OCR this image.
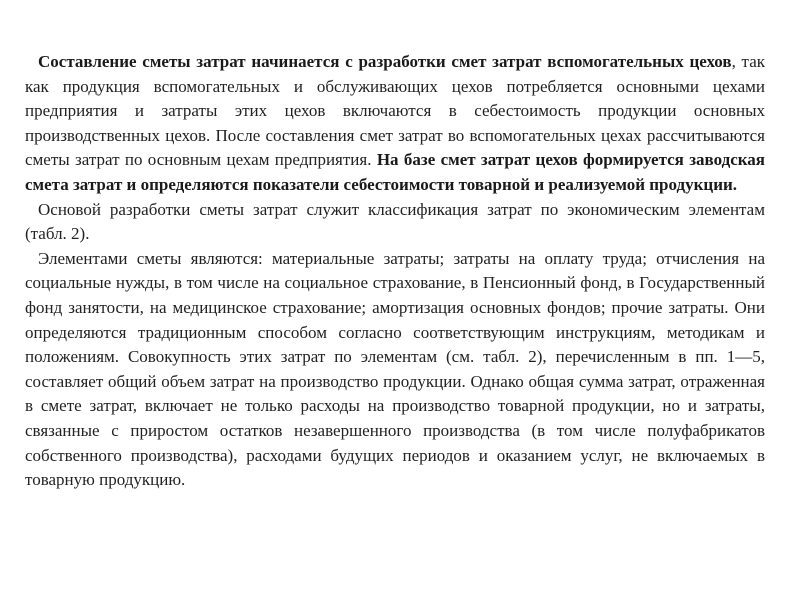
Составление сметы затрат начинается с разработки смет затрат вспомогательных цехов, так как продукция вспомогательных и обслуживающих цехов потребляется основными цехами предприятия и затраты этих цехов включаются в себестоимость продукции основных производственных цехов. После составления смет затрат во вспомогательных цехах рассчитываются сметы затрат по основным цехам предприятия. На базе смет затрат цехов формируется заводская смета затрат и определяются показатели себестоимости товарной и реализуемой продукции.

Основой разработки сметы затрат служит классификация затрат по экономическим элементам (табл. 2).

Элементами сметы являются: материальные затраты; затраты на оплату труда; отчисления на социальные нужды, в том числе на социальное страхование, в Пенсионный фонд, в Государственный фонд занятости, на медицинское страхование; амортизация основных фондов; прочие затраты. Они определяются традиционным способом согласно соответствующим инструкциям, методикам и положениям. Совокупность этих затрат по элементам (см. табл. 2), перечисленным в пп. 1—5, составляет общий объем затрат на производство продукции. Однако общая сумма затрат, отраженная в смете затрат, включает не только расходы на производство товарной продукции, но и затраты, связанные с приростом остатков незавершенного производства (в том числе полуфабрикатов собственного производства), расходами будущих периодов и оказанием услуг, не включаемых в товарную продукцию.
